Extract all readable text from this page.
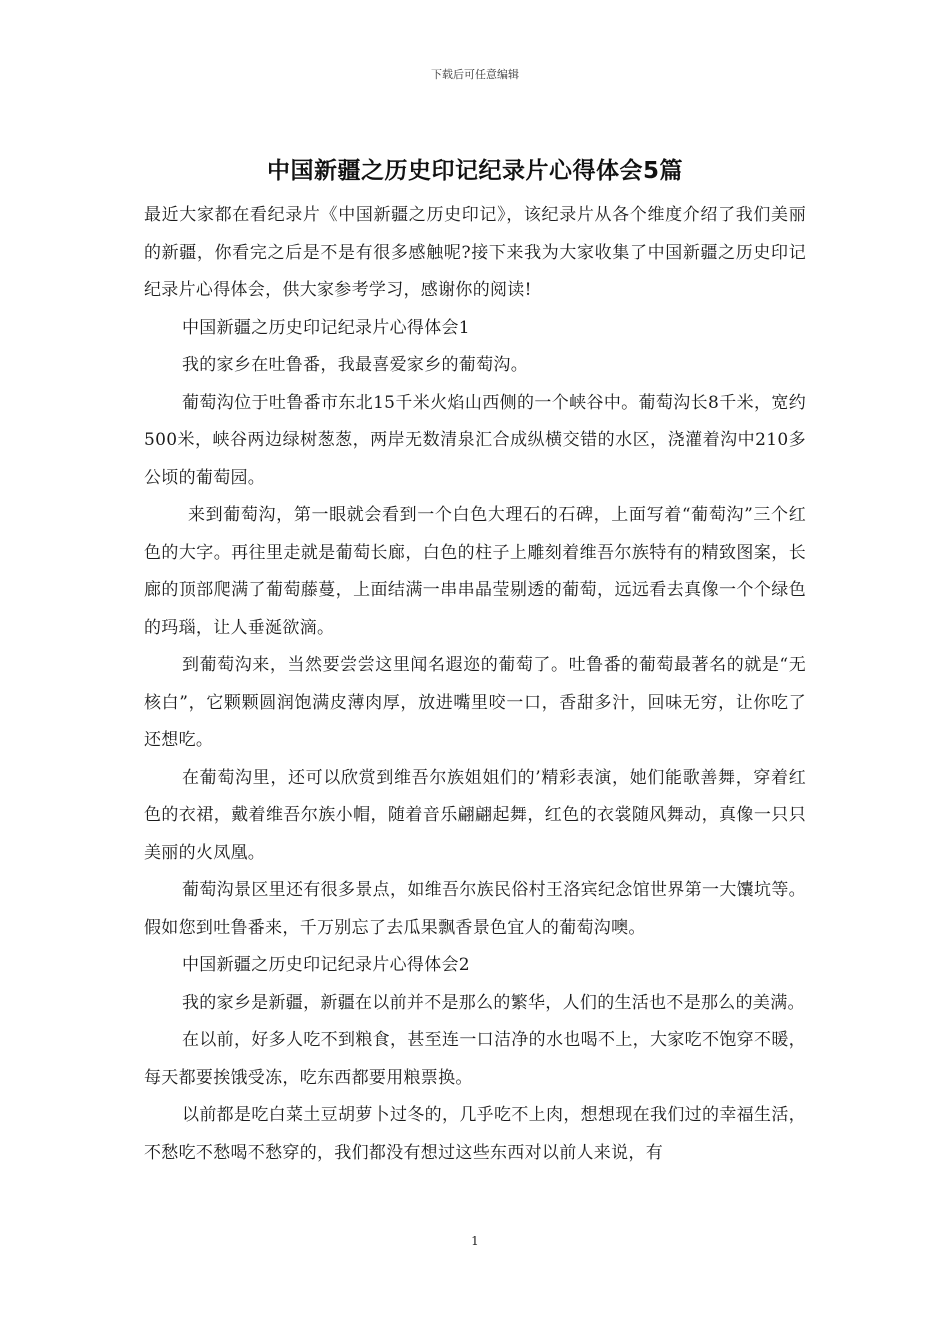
下载后可任意编辑
中国新疆之历史印记纪录片心得体会5篇

最近大家都在看纪录片《中国新疆之历史印记》，该纪录片从各个维度介绍了我们美丽的新疆，你看完之后是不是有很多感触呢?接下来我为大家收集了中国新疆之历史印记纪录片心得体会，供大家参考学习，感谢你的阅读!

中国新疆之历史印记纪录片心得体会1

我的家乡在吐鲁番，我最喜爱家乡的葡萄沟。

葡萄沟位于吐鲁番市东北15千米火焰山西侧的一个峡谷中。葡萄沟长8千米，宽约500米，峡谷两边绿树葱葱，两岸无数清泉汇合成纵横交错的水区，浇灌着沟中210多公顷的葡萄园。

来到葡萄沟，第一眼就会看到一个白色大理石的石碑，上面写着“葡萄沟”三个红色的大字。再往里走就是葡萄长廊，白色的柱子上雕刻着维吾尔族特有的精致图案，长廊的顶部爬满了葡萄藤蔓，上面结满一串串晶莹剔透的葡萄，远远看去真像一个个绿色的玛瑙，让人垂涎欲滴。

到葡萄沟来，当然要尝尝这里闻名遐迩的葡萄了。吐鲁番的葡萄最著名的就是“无核白”，它颗颗圆润饱满皮薄肉厚，放进嘴里咬一口，香甜多汁，回味无穷，让你吃了还想吃。

在葡萄沟里，还可以欣赏到维吾尔族姐姐们的’精彩表演，她们能歌善舞，穿着红色的衣裙，戴着维吾尔族小帽，随着音乐翩翩起舞，红色的衣裳随风舞动，真像一只只美丽的火凤凰。

葡萄沟景区里还有很多景点，如维吾尔族民俗村王洛宾纪念馆世界第一大馕坑等。假如您到吐鲁番来，千万别忘了去瓜果飘香景色宜人的葡萄沟噢。

中国新疆之历史印记纪录片心得体会2

我的家乡是新疆，新疆在以前并不是那么的繁华，人们的生活也不是那么的美满。

在以前，好多人吃不到粮食，甚至连一口洁净的水也喝不上，大家吃不饱穿不暖，每天都要挨饿受冻，吃东西都要用粮票换。

以前都是吃白菜土豆胡萝卜过冬的，几乎吃不上肉，想想现在我们过的幸福生活，不愁吃不愁喝不愁穿的，我们都没有想过这些东西对以前人来说，有

1
